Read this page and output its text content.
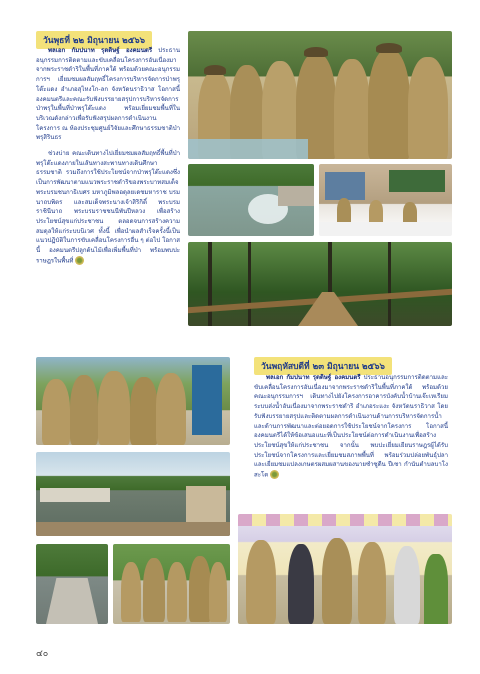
วันพุธที่ ๒๒ มิถุนายน ๒๕๖๖

พลเอก กัมปนาท รุดดิษฐ์ องคมนตรี ประธานอนุกรรมการติดตามและขับเคลื่อนโครงการอันเนื่องมาจากพระราชดำริในพื้นที่ภาคใต้ พร้อมด้วยคณะอนุกรรมการฯ เยี่ยมชมผลสัมฤทธิ์โครงการบริหารจัดการป่าพรุโต๊ะแดง อำเภอสุไหงโก-ลก จังหวัดนราธิวาส โอกาสนี้ องคมนตรีและคณะรับฟังบรรยายสรุปการบริหารจัดการป่าพรุในพื้นที่ป่าพรุโต๊ะแดง พร้อมเยี่ยมชมพื้นที่ในบริเวณดังกล่าวเพื่อรับฟังสรุปผลการดำเนินงานโครงการ ณ ห้องประชุมศูนย์วิจัยและศึกษาธรรมชาติป่าพรุสิรินธร

ช่วงบ่าย คณะเดินทางไปเยี่ยมชมผลสัมฤทธิ์พื้นที่ป่าพรุโต๊ะแดงภายในเส้นทางสะพานทางเดินศึกษาธรรมชาติ รวมถึงการใช้ประโยชน์จากป่าพรุโต๊ะแดงซึ่งเป็นการพัฒนาตามแนวพระราชดำริของพระบาทสมเด็จพระบรมชนกาธิเบศร มหาภูมิพลอดุลยเดชมหาราช บรมนาถบพิตร และสมเด็จพระนางเจ้าสิริกิติ์ พระบรมราชินีนาถ พระบรมราชชนนีพันปีหลวง เพื่อสร้างประโยชน์สุขแก่ประชาชน ตลอดจนการสร้างความสมดุลให้แก่ระบบนิเวศ ทั้งนี้ เพื่อนำผลสำเร็จครั้งนี้เป็นแนวปฏิบัติในการขับเคลื่อนโครงการอื่น ๆ ต่อไป โอกาสนี้ องคมนตรีปลูกต้นไม้เพื่อเพิ่มพื้นที่ป่า พร้อมพบปะราษฎรในพื้นที่

วันพฤหัสบดีที่ ๒๓ มิถุนายน ๒๕๖๖

พลเอก กัมปนาท รุดดิษฐ์ องคมนตรี ประธานอนุกรรมการติดตามและขับเคลื่อนโครงการอันเนื่องมาจากพระราชดำริในพื้นที่ภาคใต้ พร้อมด้วยคณะอนุกรรมการฯ เดินทางไปยังโครงการอาคารบังคับน้ำบ้านเจ๊ะเหเรียมระบบส่งน้ำอันเนื่องมาจากพระราชดำริ อำเภอระแงะ จังหวัดนราธิวาส โดยรับฟังบรรยายสรุปและติดตามผลการดำเนินงานด้านการบริหารจัดการน้ำ และด้านการพัฒนาและต่อยอดการใช้ประโยชน์จากโครงการ โอกาสนี้ องคมนตรีได้ให้ข้อเสนอแนะที่เป็นประโยชน์ต่อการดำเนินงานเพื่อสร้างประโยชน์สุขให้แก่ประชาชน จากนั้น พบปะเยี่ยมเยียนราษฎรผู้ได้รับประโยชน์จากโครงการและเยี่ยมชมสภาพพื้นที่ พร้อมร่วมปล่อยพันธุ์ปลา และเยี่ยมชมแปลงเกษตรผสมผสานของนายซำซูดีน ปีเซา กำนันตำบลบาโงสะโต

๔๐
